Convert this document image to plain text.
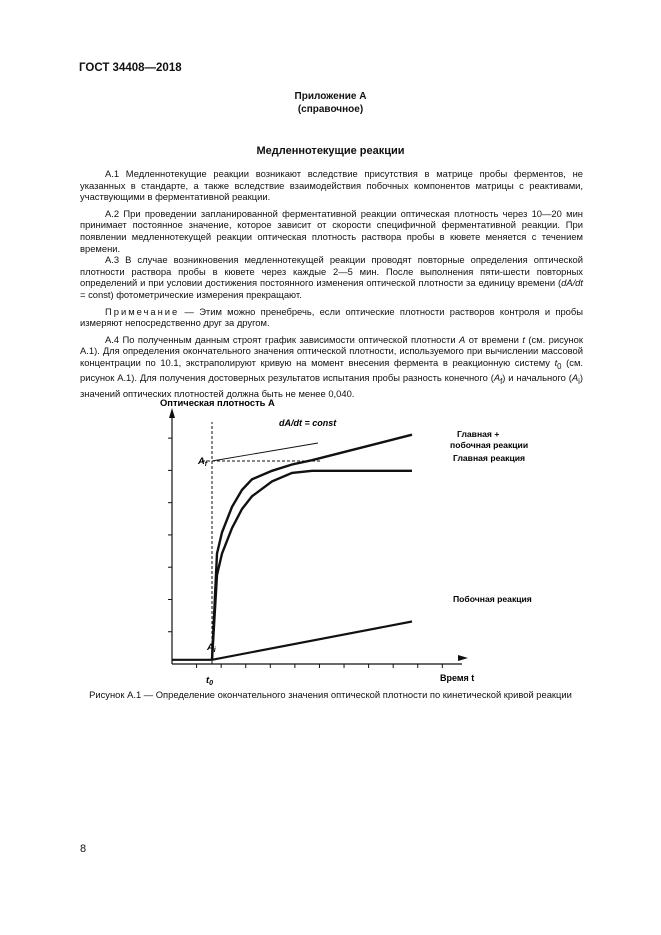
ГОСТ 34408—2018
Приложение А
(справочное)
Медленнотекущие реакции

А.1 Медленнотекущие реакции возникают вследствие присутствия в матрице пробы ферментов, не указанных в стандарте, а также вследствие взаимодействия побочных компонентов матрицы с реактивами, участвующими в ферментативной реакции.

А.2 При проведении запланированной ферментативной реакции оптическая плотность через 10—20 мин принимает постоянное значение, которое зависит от скорости специфичной ферментативной реакции. При появлении медленнотекущей реакции оптическая плотность раствора пробы в кювете меняется с течением времени.

А.3 В случае возникновения медленнотекущей реакции проводят повторные определения оптической плотности раствора пробы в кювете через каждые 2—5 мин. После выполнения пяти-шести повторных определений и при условии достижения постоянного изменения оптической плотности за единицу времени (dA/dt = const) фотометрические измерения прекращают.

Примечание — Этим можно пренебречь, если оптические плотности растворов контроля и пробы измеряют непосредственно друг за другом.

А.4 По полученным данным строят график зависимости оптической плотности A от времени t (см. рисунок А.1). Для определения окончательного значения оптической плотности, используемого при вычислении массовой концентрации по 10.1, экстраполируют кривую на момент внесения фермента в реакционную систему $t_0$ (см. рисунок А.1). Для получения достоверных результатов испытания пробы разность конечного $(A_f)$ и начального $(A_i)$ значений оптических плотностей должна быть не менее 0,040.

Оптическая плотность A
Время t
dA/dt = const
Главная +
побочная реакции
Главная реакция
Побочная реакция
$A_f$
$A_i$
$t_0$
Рисунок А.1 — Определение окончательного значения оптической плотности по кинетической кривой реакции
8
